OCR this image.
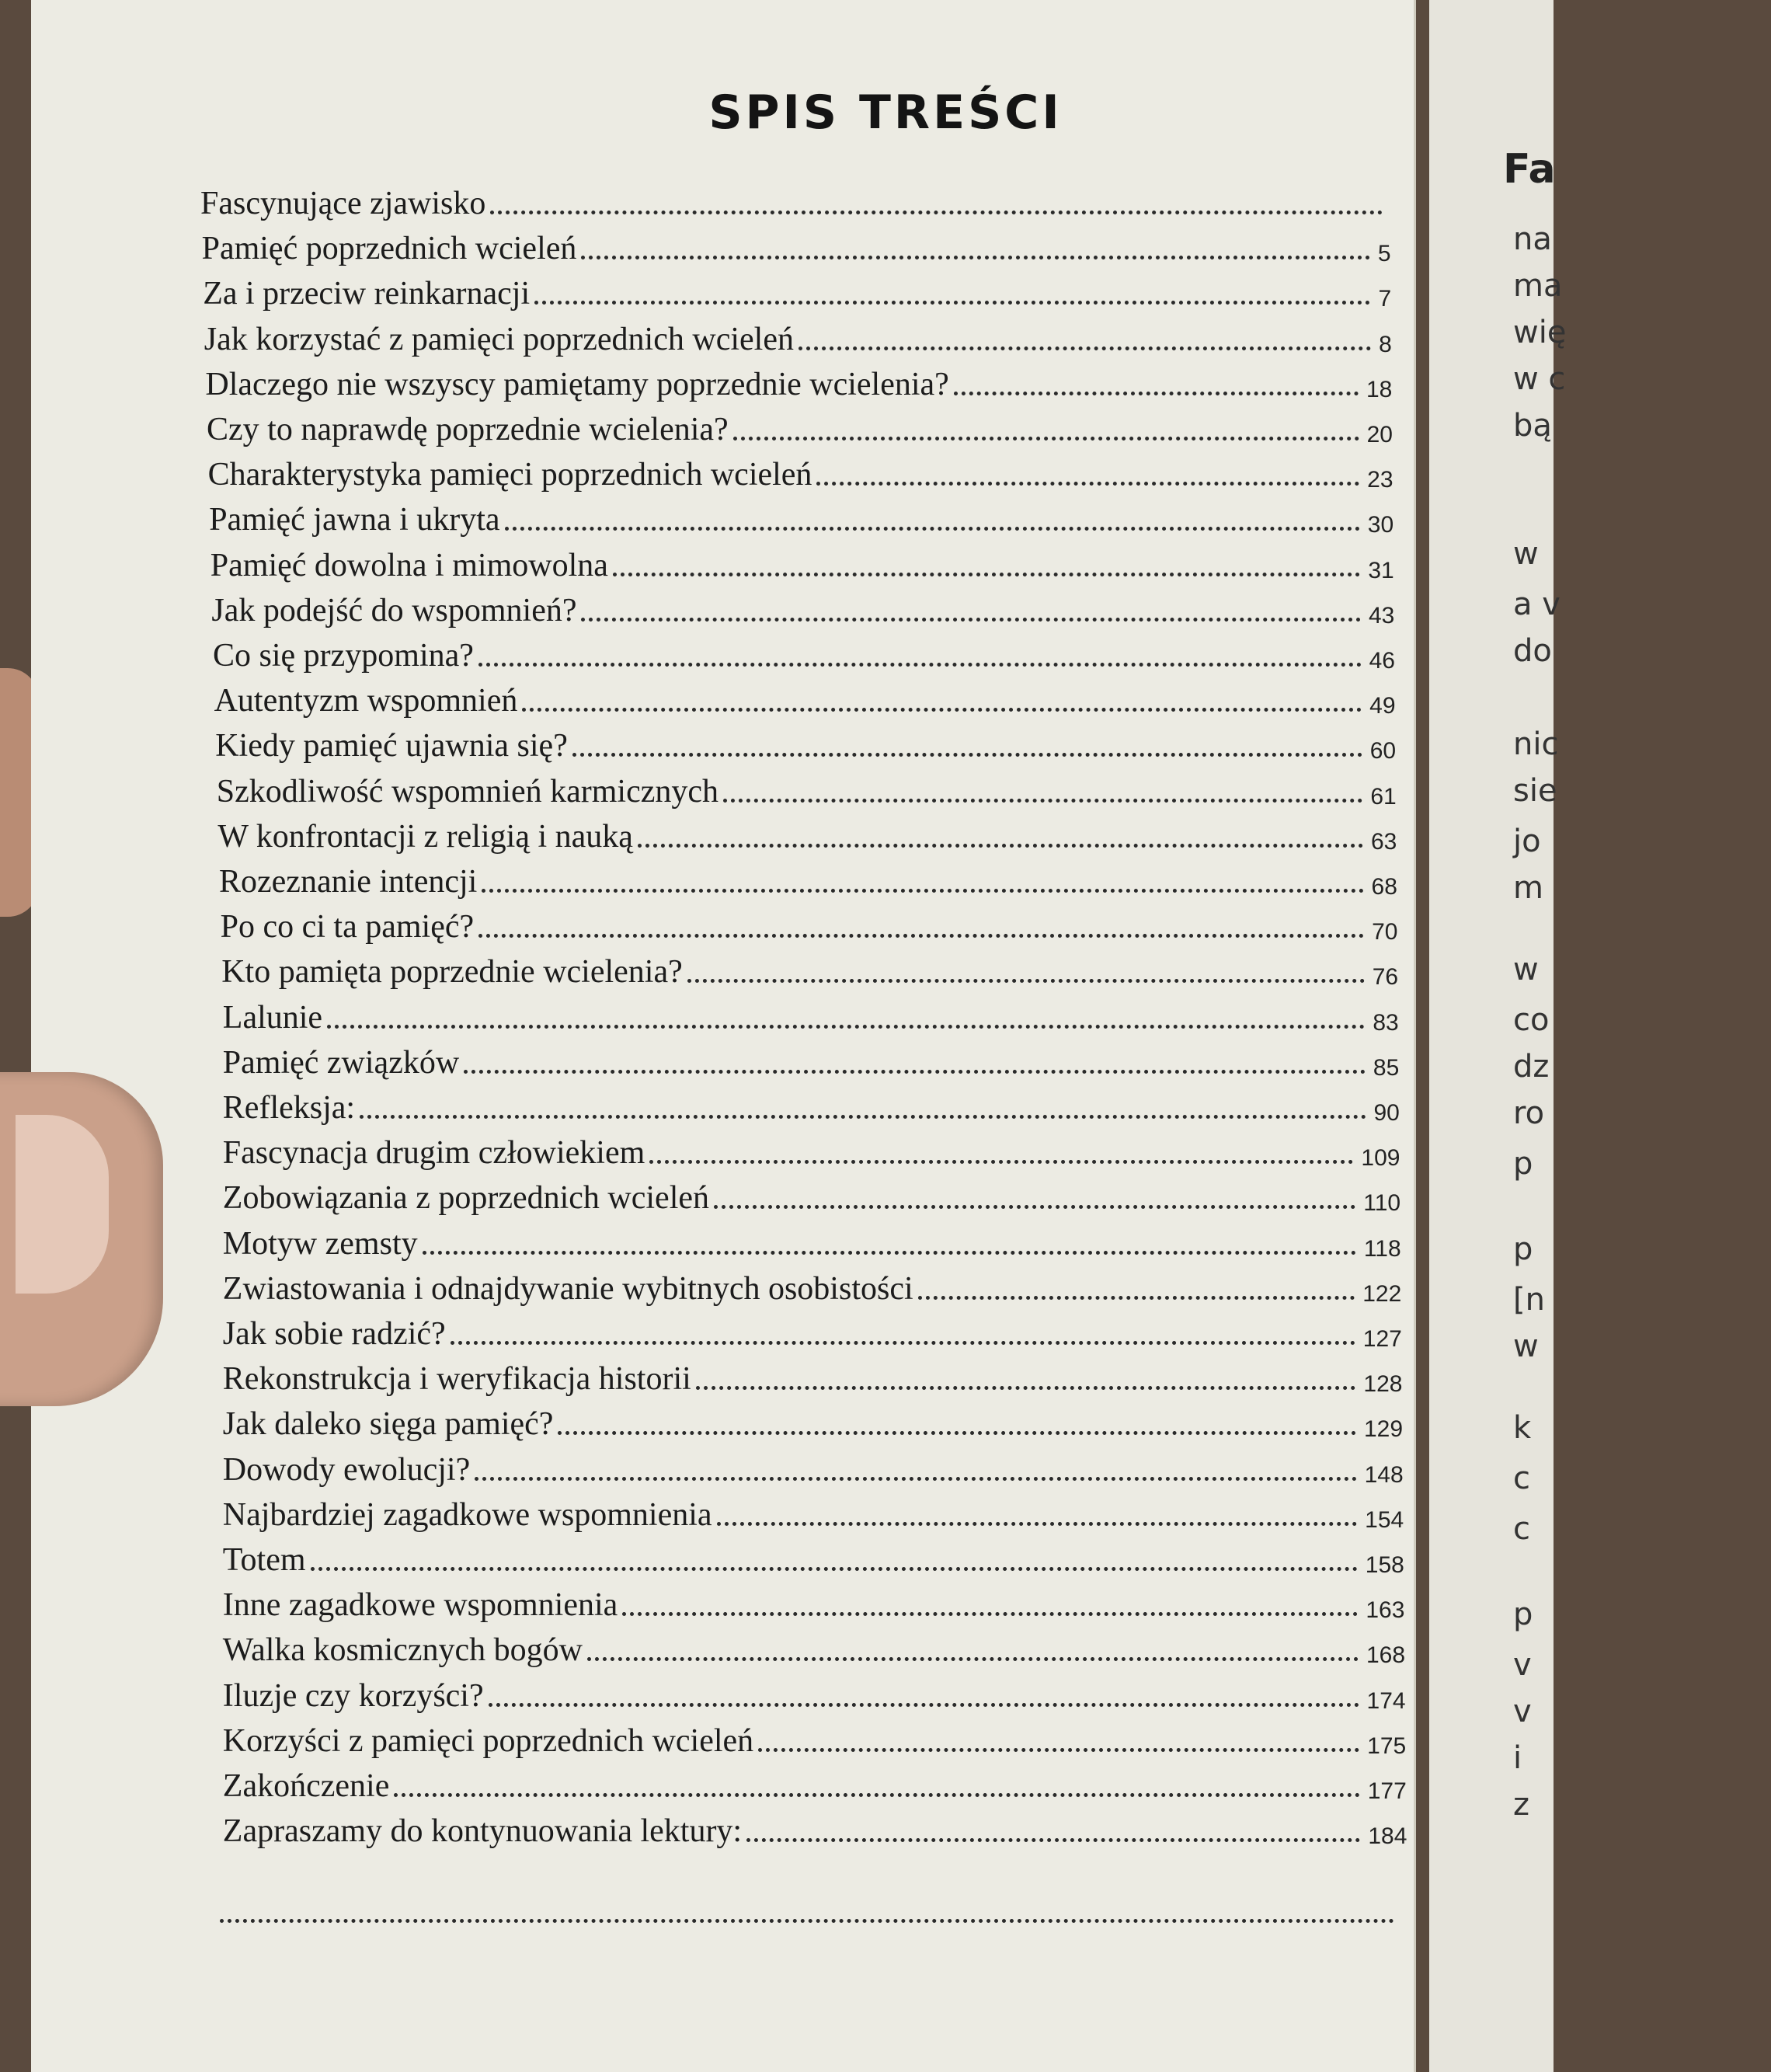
Fa
na
ma
wię
w c
bą
w
a v
do
nic
sie
jo
m
w
co
dz
ro
p
p
[n
w
k
c
c
p
v
v
i
z
SPIS TREŚCI
Fascynujące zjawisko
Pamięć poprzednich wcieleń	5
Za i przeciw reinkarnacji	7
Jak korzystać z pamięci poprzednich wcieleń	8
Dlaczego nie wszyscy pamiętamy poprzednie wcielenia?	18
Czy to naprawdę poprzednie wcielenia?	20
Charakterystyka pamięci poprzednich wcieleń	23
Pamięć jawna i ukryta	30
Pamięć dowolna i mimowolna	31
Jak podejść do wspomnień?	43
Co się przypomina?	46
Autentyzm wspomnień	49
Kiedy pamięć ujawnia się?	60
Szkodliwość wspomnień karmicznych	61
W konfrontacji z religią i nauką	63
Rozeznanie intencji	68
Po co ci ta pamięć?	70
Kto pamięta poprzednie wcielenia?	76
Lalunie	83
Pamięć związków	85
Refleksja:	90
Fascynacja drugim człowiekiem	109
Zobowiązania z poprzednich wcieleń	110
Motyw zemsty	118
Zwiastowania i odnajdywanie wybitnych osobistości	122
Jak sobie radzić?	127
Rekonstrukcja i weryfikacja historii	128
Jak daleko sięga pamięć?	129
Dowody ewolucji?	148
Najbardziej zagadkowe wspomnienia	154
Totem	158
Inne zagadkowe wspomnienia	163
Walka kosmicznych bogów	168
Iluzje czy korzyści?	174
Korzyści z pamięci poprzednich wcieleń	175
Zakończenie	177
Zapraszamy do kontynuowania lektury:	184
